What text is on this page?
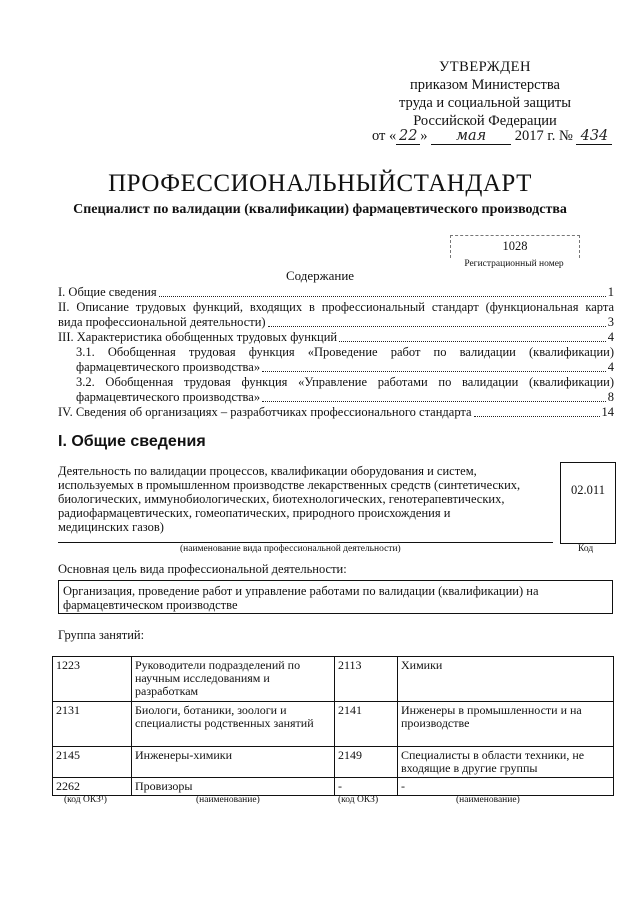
УТВЕРЖДЕН
приказом Министерства
труда и социальной защиты
Российской Федерации
от « 22 » мая 2017 г. № 434
ПРОФЕССИОНАЛЬНЫЙСТАНДАРТ
Специалист по валидации (квалификации) фармацевтического производства
1028
Регистрационный номер
Содержание
I. Общие сведения	1
II. Описание трудовых функций, входящих в профессиональный стандарт (функциональная карта
вида профессиональной деятельности)	3
III. Характеристика обобщенных трудовых функций	4
3.1. Обобщенная трудовая функция «Проведение работ по валидации (квалификации)
фармацевтического производства»	4
3.2. Обобщенная трудовая функция «Управление работами по валидации (квалификации)
фармацевтического производства»	8
IV. Сведения об организациях – разработчиках профессионального стандарта	14
I. Общие сведения
Деятельность по валидации процессов, квалификации оборудования и систем,
используемых в промышленном производстве лекарственных средств (синтетических,
биологических, иммунобиологических, биотехнологических, генотерапевтических,
радиофармацевтических, гомеопатических, природного происхождения и
медицинских газов)
02.011
(наименование вида профессиональной деятельности)	Код
Основная цель вида профессиональной деятельности:
Организация, проведение работ и управление работами по валидации (квалификации) на
фармацевтическом производстве
Группа занятий:
1223	Руководители подразделений по научным исследованиям и разработкам	2113	Химики
2131	Биологи, ботаники, зоологи и специалисты родственных занятий	2141	Инженеры в промышленности и на производстве
2145	Инженеры-химики	2149	Специалисты в области техники, не входящие в другие группы
2262	Провизоры	-	-
(код ОКЗ¹)	(наименование)	(код ОКЗ)	(наименование)
